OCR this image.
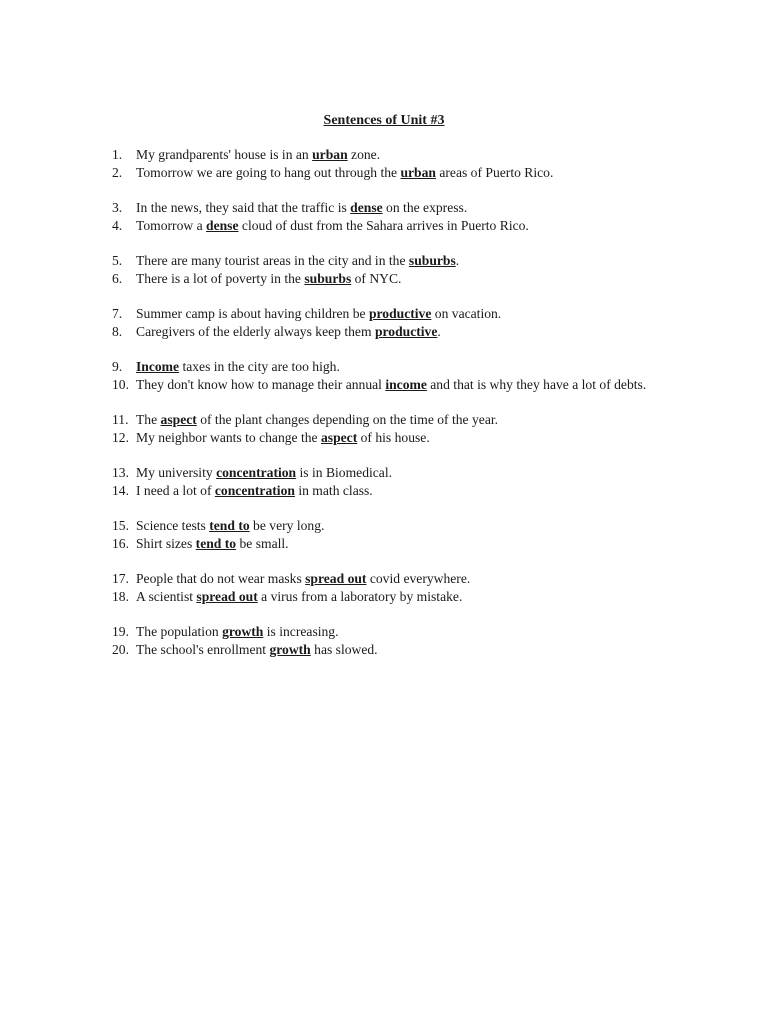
Sentences of Unit #3
1. My grandparents' house is in an urban zone.
2. Tomorrow we are going to hang out through the urban areas of Puerto Rico.
3. In the news, they said that the traffic is dense on the express.
4. Tomorrow a dense cloud of dust from the Sahara arrives in Puerto Rico.
5. There are many tourist areas in the city and in the suburbs.
6. There is a lot of poverty in the suburbs of NYC.
7. Summer camp is about having children be productive on vacation.
8. Caregivers of the elderly always keep them productive.
9. Income taxes in the city are too high.
10. They don't know how to manage their annual income and that is why they have a lot of debts.
11. The aspect of the plant changes depending on the time of the year.
12. My neighbor wants to change the aspect of his house.
13. My university concentration is in Biomedical.
14. I need a lot of concentration in math class.
15. Science tests tend to be very long.
16. Shirt sizes tend to be small.
17. People that do not wear masks spread out covid everywhere.
18. A scientist spread out a virus from a laboratory by mistake.
19. The population growth is increasing.
20. The school's enrollment growth has slowed.
